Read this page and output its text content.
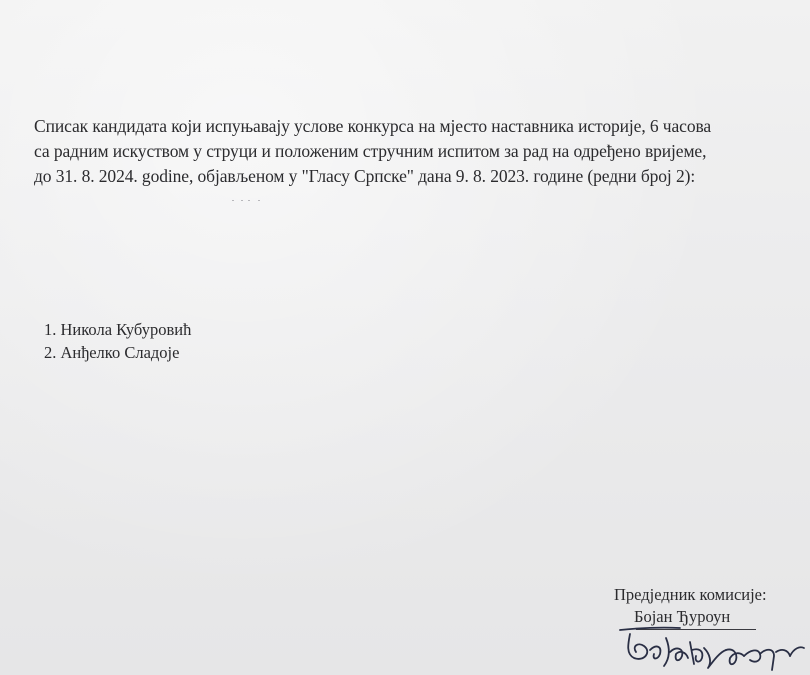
Списак кандидата који испуњавају услове конкурса на мјесто наставника историје, 6 часова
са радним искуством у струци и положеним стручним испитом за рад на одређено вријеме,
до 31. 8. 2024. godine, објављеном у "Гласу Српске" дана 9. 8. 2023. године (редни број 2):
1. Никола Кубуровић
2. Анђелко Сладоје
Предједник комисије:
Бојан Ђуроун
